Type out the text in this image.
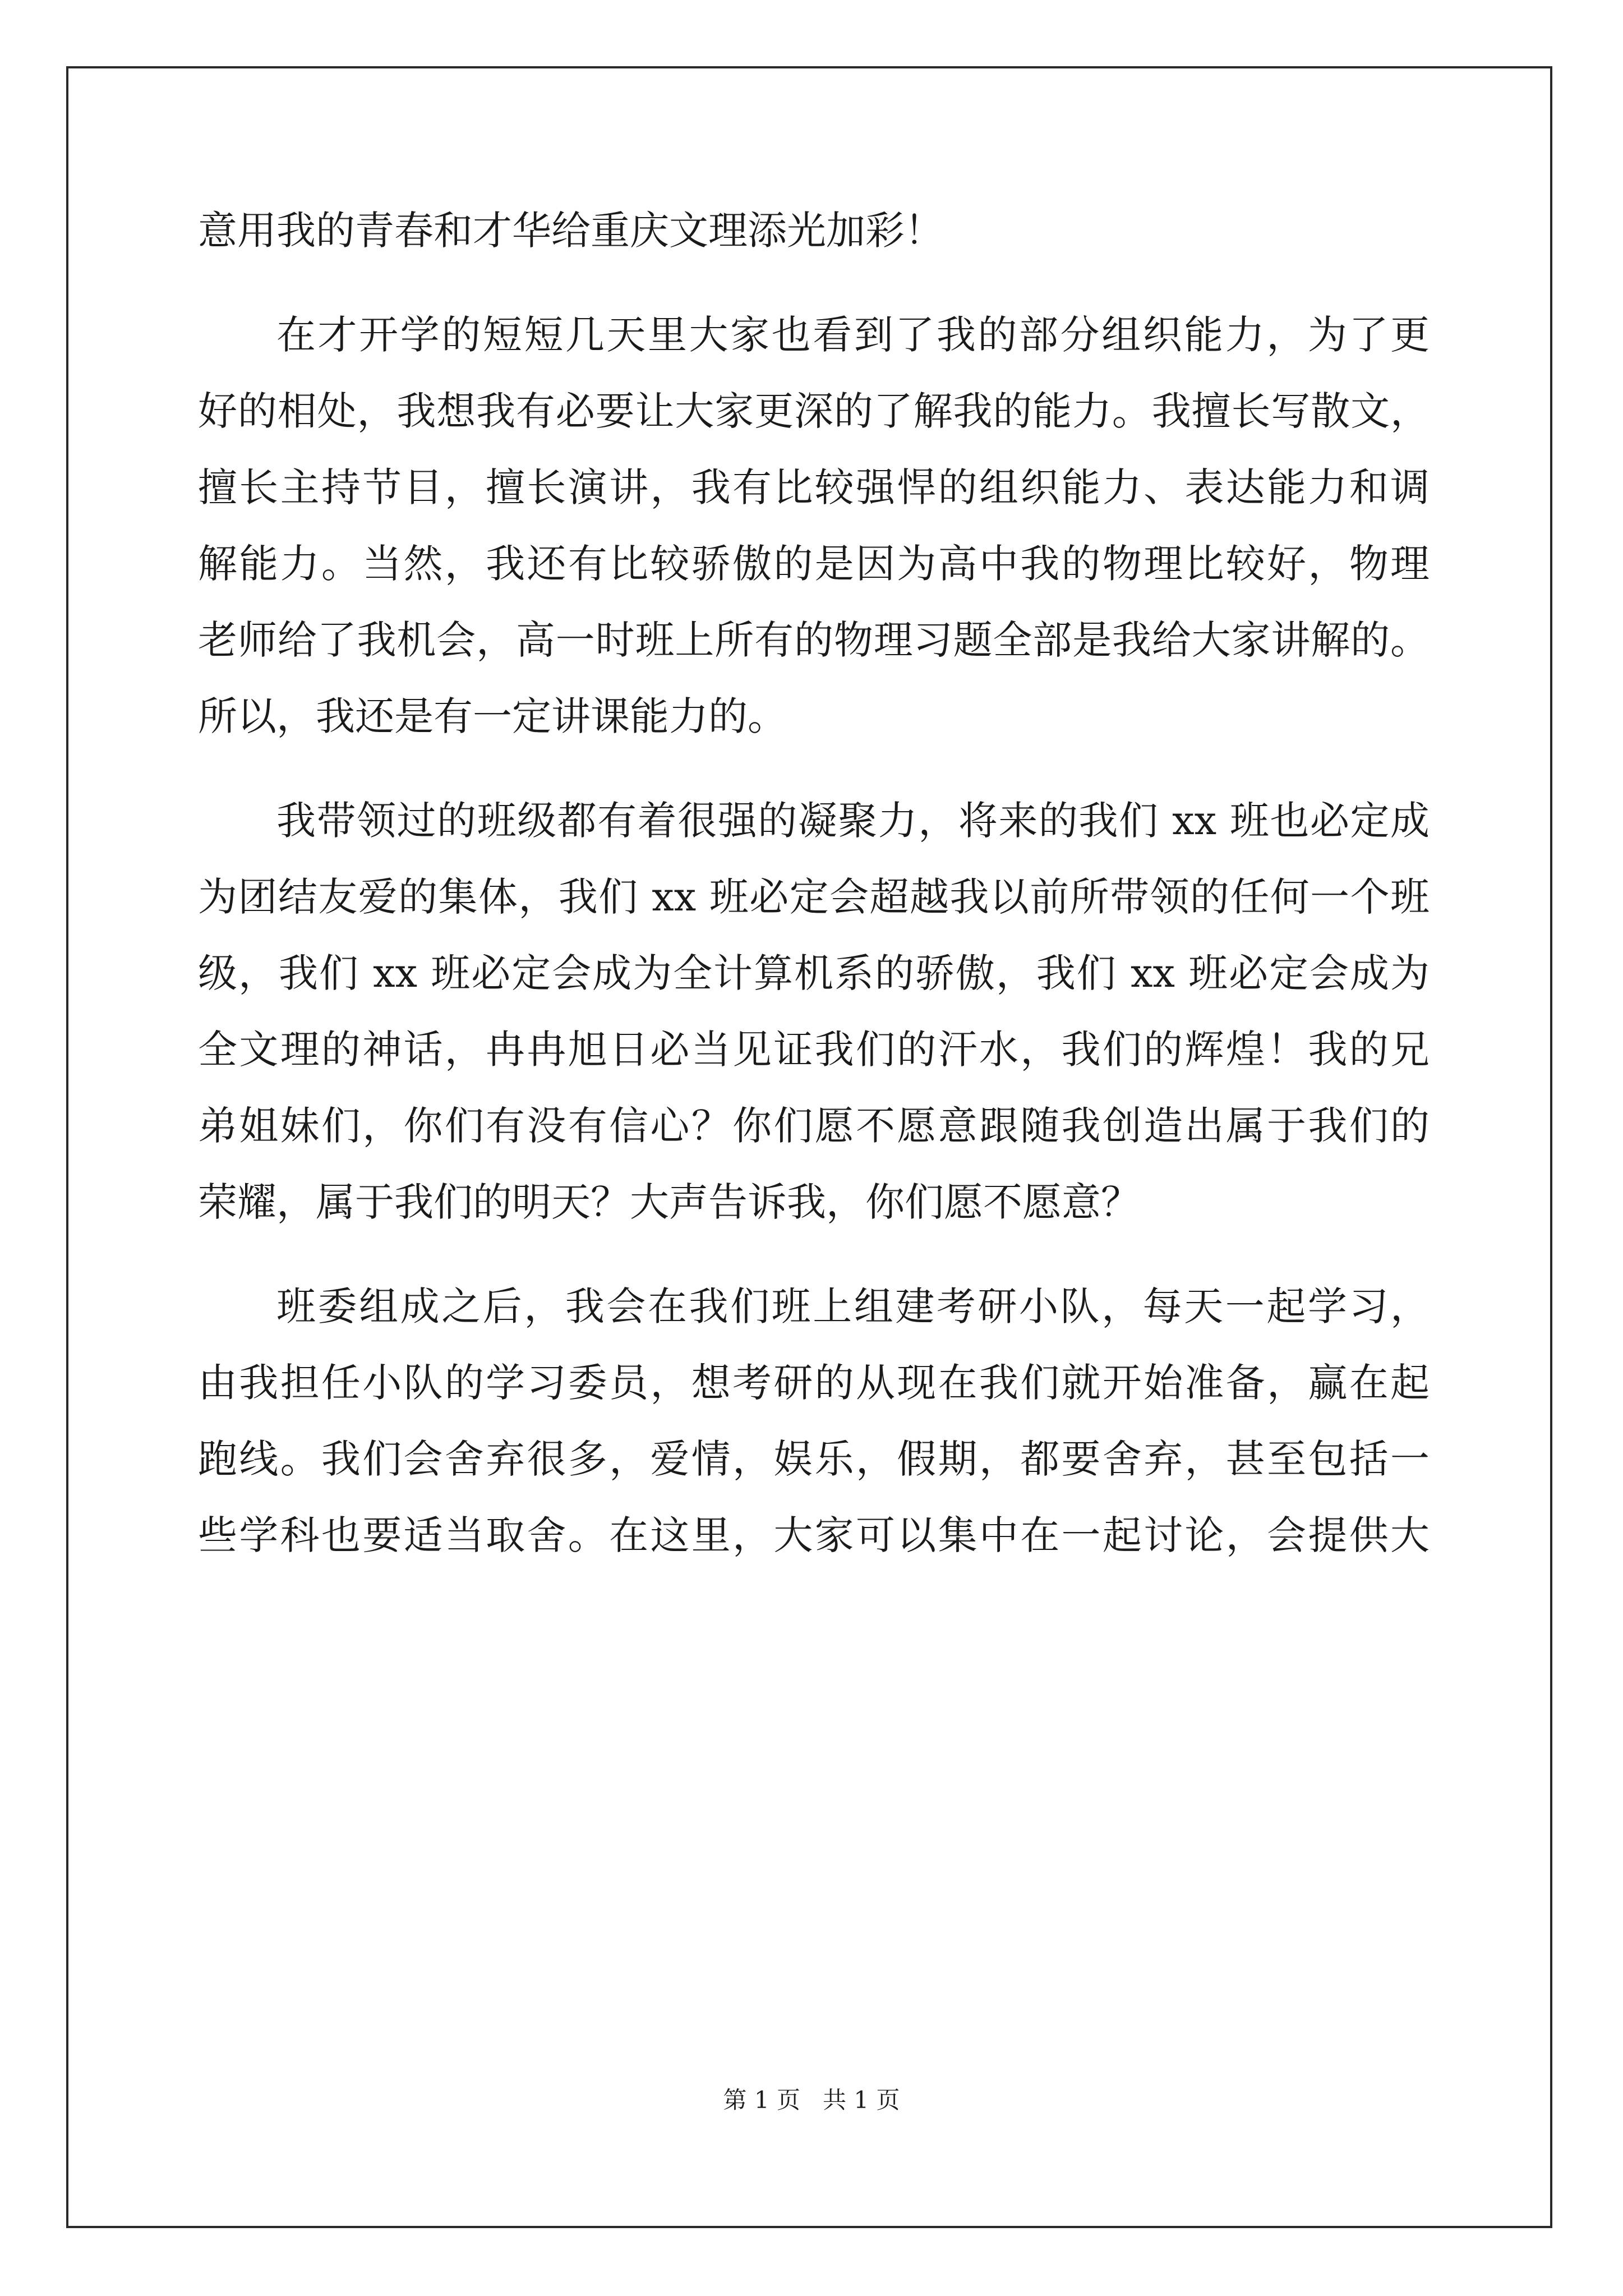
意用我的青春和才华给重庆文理添光加彩！
在才开学的短短几天里大家也看到了我的部分组织能力，为了更
好的相处，我想我有必要让大家更深的了解我的能力。我擅长写散文，
擅长主持节目，擅长演讲，我有比较强悍的组织能力、表达能力和调
解能力。当然，我还有比较骄傲的是因为高中我的物理比较好，物理
老师给了我机会，高一时班上所有的物理习题全部是我给大家讲解的。
所以，我还是有一定讲课能力的。
我带领过的班级都有着很强的凝聚力，将来的我们 xx 班也必定成
为团结友爱的集体，我们 xx 班必定会超越我以前所带领的任何一个班
级，我们 xx 班必定会成为全计算机系的骄傲，我们 xx 班必定会成为
全文理的神话，冉冉旭日必当见证我们的汗水，我们的辉煌！我的兄
弟姐妹们，你们有没有信心？你们愿不愿意跟随我创造出属于我们的
荣耀，属于我们的明天？大声告诉我，你们愿不愿意？
班委组成之后，我会在我们班上组建考研小队，每天一起学习，
由我担任小队的学习委员，想考研的从现在我们就开始准备，赢在起
跑线。我们会舍弃很多，爱情，娱乐，假期，都要舍弃，甚至包括一
些学科也要适当取舍。在这里，大家可以集中在一起讨论，会提供大
第 1 页   共 1 页
